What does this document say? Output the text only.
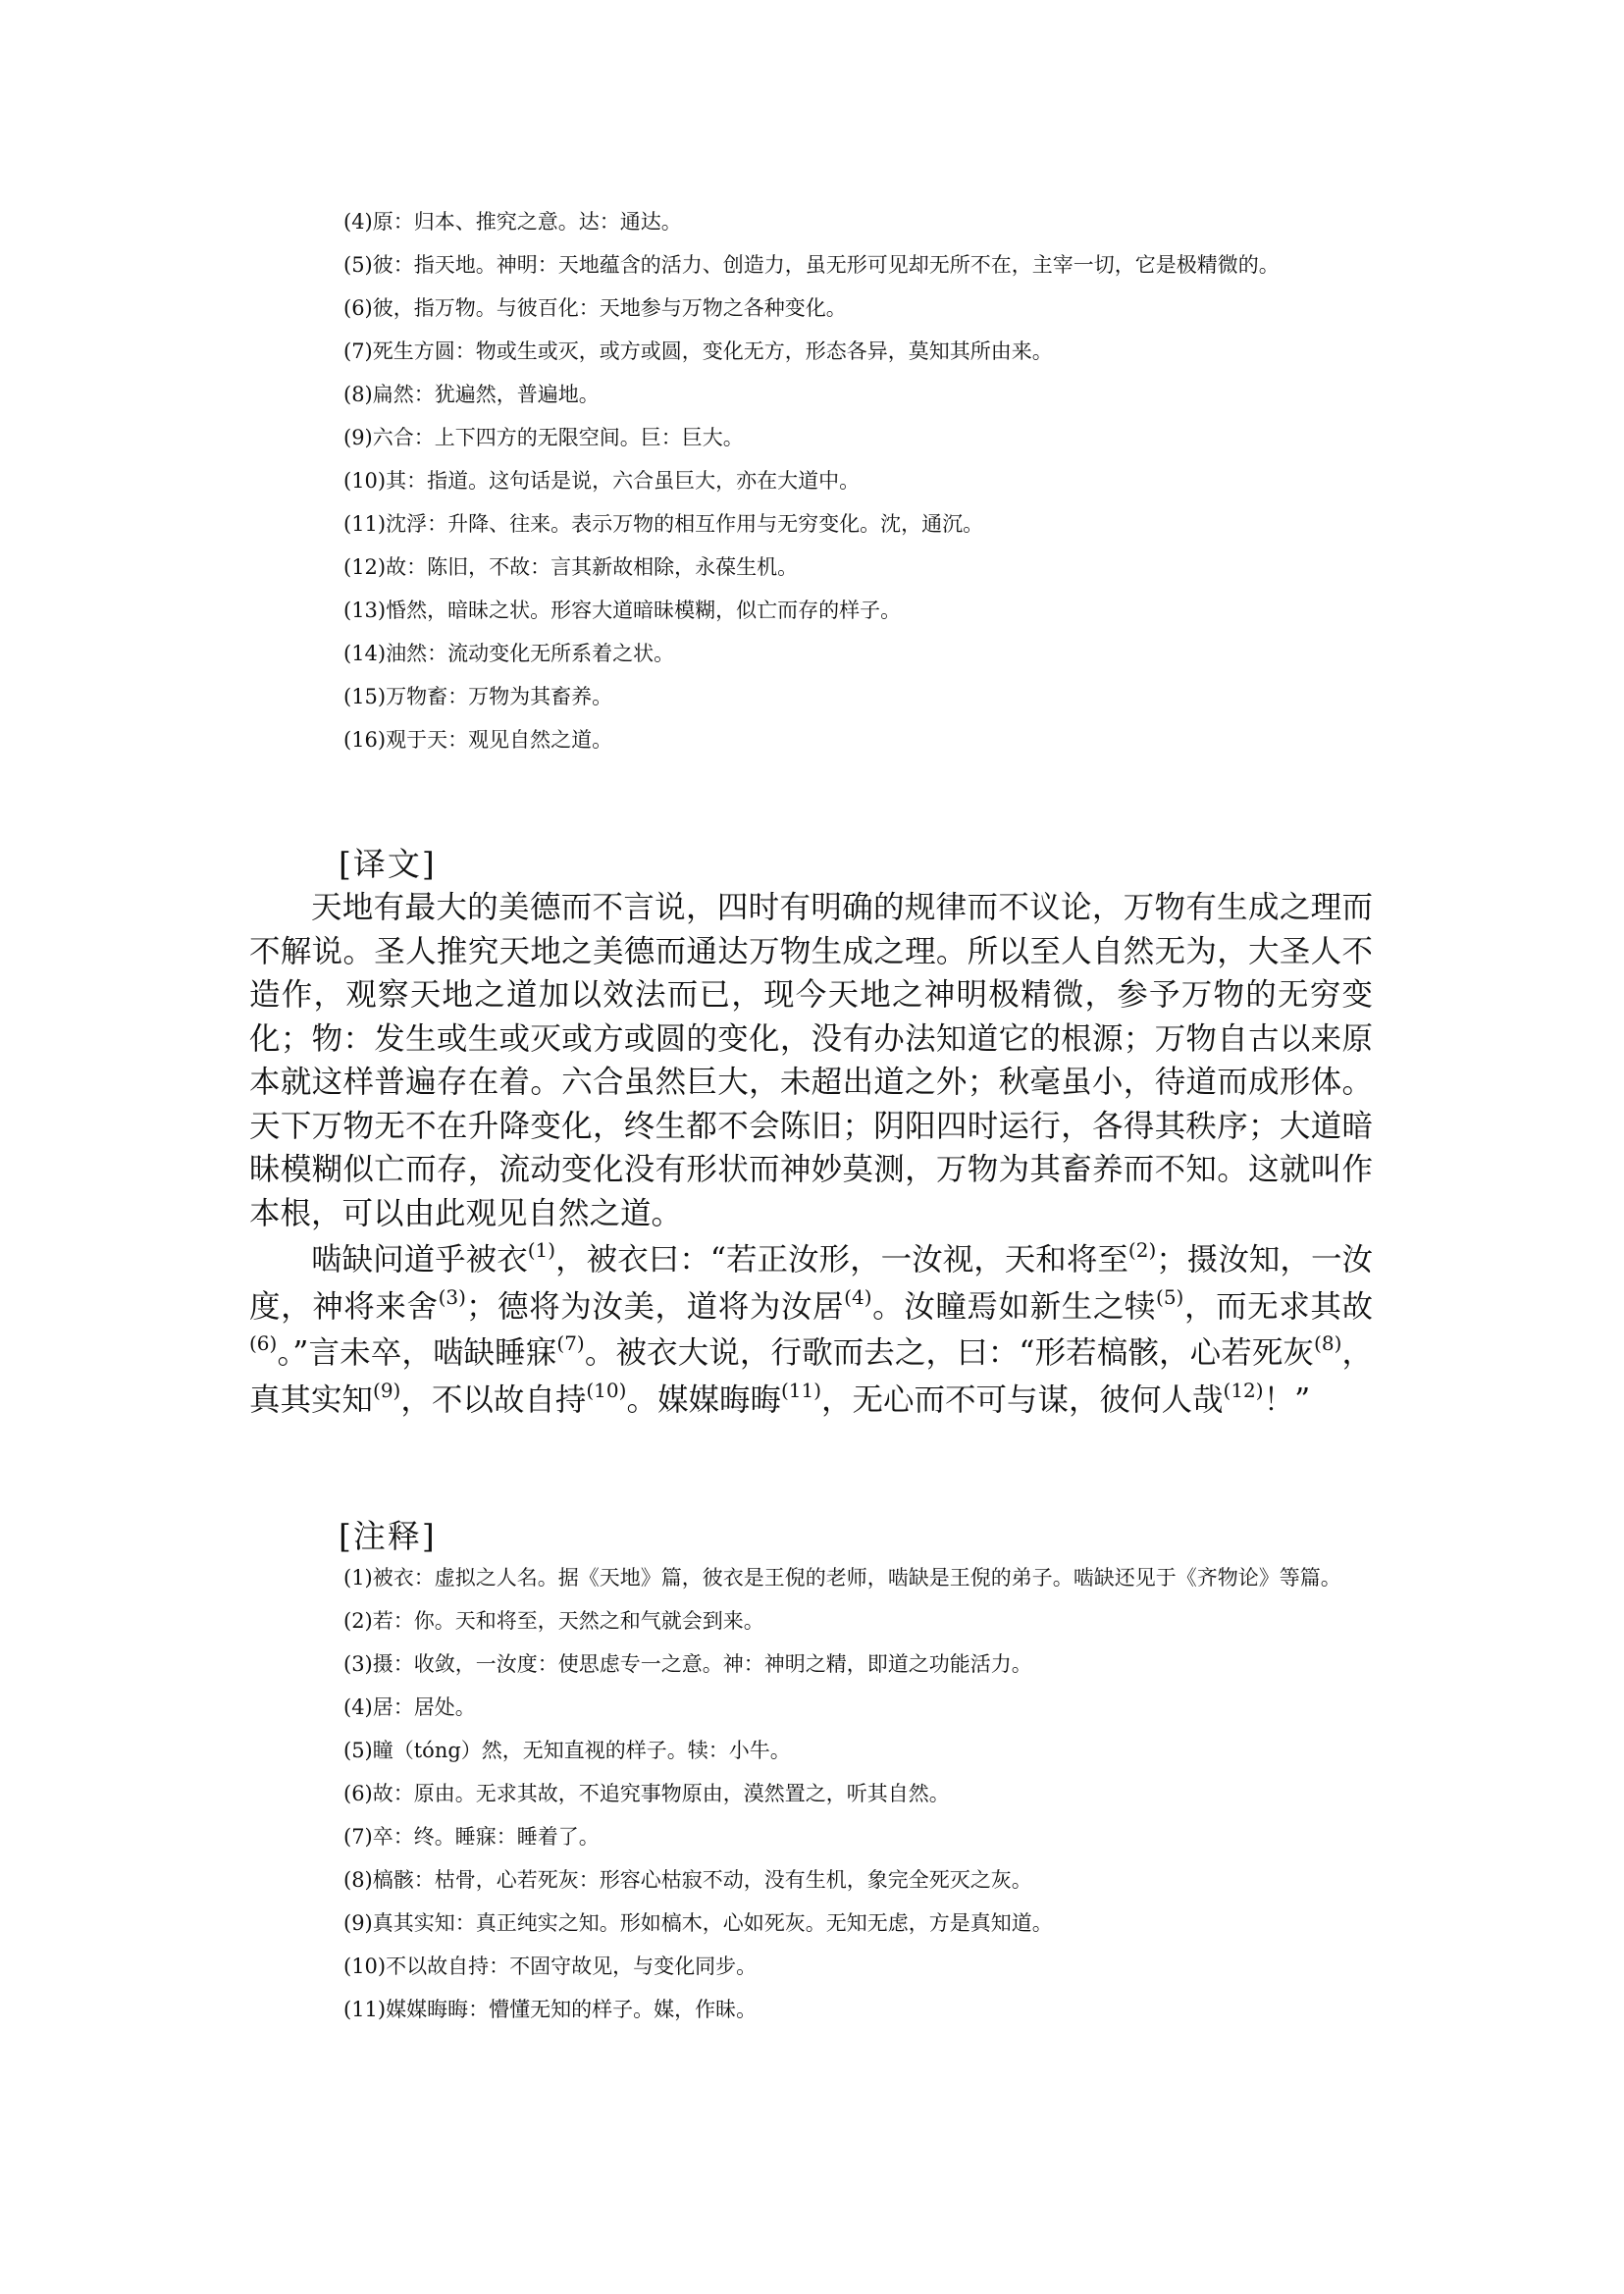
(4)原：归本、推究之意。达：通达。

(5)彼：指天地。神明：天地蕴含的活力、创造力，虽无形可见却无所不在，主宰一切，它是极精微的。

(6)彼，指万物。与彼百化：天地参与万物之各种变化。

(7)死生方圆：物或生或灭，或方或圆，变化无方，形态各异，莫知其所由来。

(8)扁然：犹遍然，普遍地。

(9)六合：上下四方的无限空间。巨：巨大。

(10)其：指道。这句话是说，六合虽巨大，亦在大道中。

(11)沈浮：升降、往来。表示万物的相互作用与无穷变化。沈，通沉。

(12)故：陈旧，不故：言其新故相除，永葆生机。

(13)惛然，暗昧之状。形容大道暗昧模糊，似亡而存的样子。

(14)油然：流动变化无所系着之状。

(15)万物畜：万物为其畜养。

(16)观于天：观见自然之道。

[译文]

天地有最大的美德而不言说，四时有明确的规律而不议论，万物有生成之理而不解说。圣人推究天地之美德而通达万物生成之理。所以至人自然无为，大圣人不造作，观察天地之道加以效法而已，现今天地之神明极精微，参予万物的无穷变化；物：发生或生或灭或方或圆的变化，没有办法知道它的根源；万物自古以来原本就这样普遍存在着。六合虽然巨大，未超出道之外；秋毫虽小，待道而成形体。天下万物无不在升降变化，终生都不会陈旧；阴阳四时运行，各得其秩序；大道暗昧模糊似亡而存，流动变化没有形状而神妙莫测，万物为其畜养而不知。这就叫作本根，可以由此观见自然之道。

啮缺问道乎被衣$^{(1)}$，被衣曰：“若正汝形，一汝视，天和将至$^{(2)}$；摄汝知，一汝度，神将来舍$^{(3)}$；德将为汝美，道将为汝居$^{(4)}$。汝瞳焉如新生之犊$^{(5)}$，而无求其故$^{(6)}$。”言未卒，啮缺睡寐$^{(7)}$。被衣大说，行歌而去之，曰：“形若槁骸，心若死灰$^{(8)}$，真其实知$^{(9)}$，不以故自持$^{(10)}$。媒媒晦晦$^{(11)}$，无心而不可与谋，彼何人哉$^{(12)}$！”

[注释]

(1)被衣：虚拟之人名。据《天地》篇，彼衣是王倪的老师，啮缺是王倪的弟子。啮缺还见于《齐物论》等篇。

(2)若：你。天和将至，天然之和气就会到来。

(3)摄：收敛，一汝度：使思虑专一之意。神：神明之精，即道之功能活力。

(4)居：居处。

(5)瞳（tóng）然，无知直视的样子。犊：小牛。

(6)故：原由。无求其故，不追究事物原由，漠然置之，听其自然。

(7)卒：终。睡寐：睡着了。

(8)槁骸：枯骨，心若死灰：形容心枯寂不动，没有生机，象完全死灭之灰。

(9)真其实知：真正纯实之知。形如槁木，心如死灰。无知无虑，方是真知道。

(10)不以故自持：不固守故见，与变化同步。

(11)媒媒晦晦：懵懂无知的样子。媒，作昧。
